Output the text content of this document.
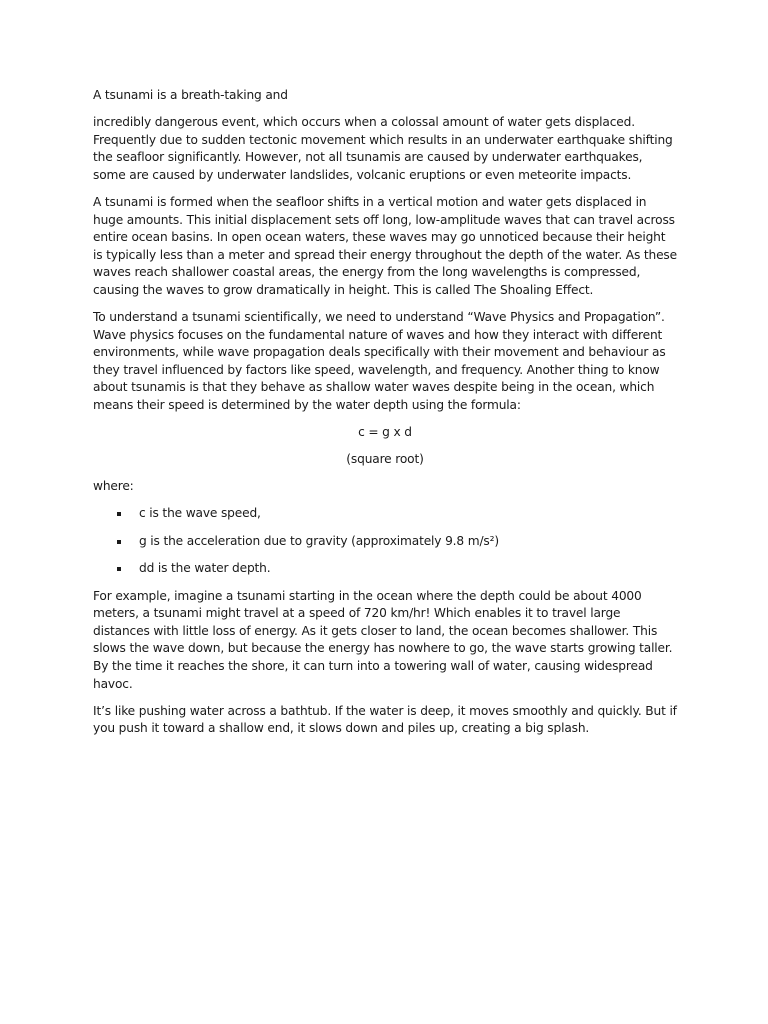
A tsunami is a breath-taking and

incredibly dangerous event, which occurs when a colossal amount of water gets displaced. Frequently due to sudden tectonic movement which results in an underwater earthquake shifting the seafloor significantly. However, not all tsunamis are caused by underwater earthquakes, some are caused by underwater landslides, volcanic eruptions or even meteorite impacts.

A tsunami is formed when the seafloor shifts in a vertical motion and water gets displaced in huge amounts. This initial displacement sets off long, low-amplitude waves that can travel across entire ocean basins. In open ocean waters, these waves may go unnoticed because their height is typically less than a meter and spread their energy throughout the depth of the water. As these waves reach shallower coastal areas, the energy from the long wavelengths is compressed, causing the waves to grow dramatically in height. This is called The Shoaling Effect.

To understand a tsunami scientifically, we need to understand “Wave Physics and Propagation”. Wave physics focuses on the fundamental nature of waves and how they interact with different environments, while wave propagation deals specifically with their movement and behaviour as they travel influenced by factors like speed, wavelength, and frequency. Another thing to know about tsunamis is that they behave as shallow water waves despite being in the ocean, which means their speed is determined by the water depth using the formula:

c = g x d

(square root)

where:

c is the wave speed,
g is the acceleration due to gravity (approximately 9.8 m/s²)
dd is the water depth.

For example, imagine a tsunami starting in the ocean where the depth could be about 4000 meters, a tsunami might travel at a speed of 720 km/hr! Which enables it to travel large distances with little loss of energy. As it gets closer to land, the ocean becomes shallower. This slows the wave down, but because the energy has nowhere to go, the wave starts growing taller. By the time it reaches the shore, it can turn into a towering wall of water, causing widespread havoc.

It’s like pushing water across a bathtub. If the water is deep, it moves smoothly and quickly. But if you push it toward a shallow end, it slows down and piles up, creating a big splash.
